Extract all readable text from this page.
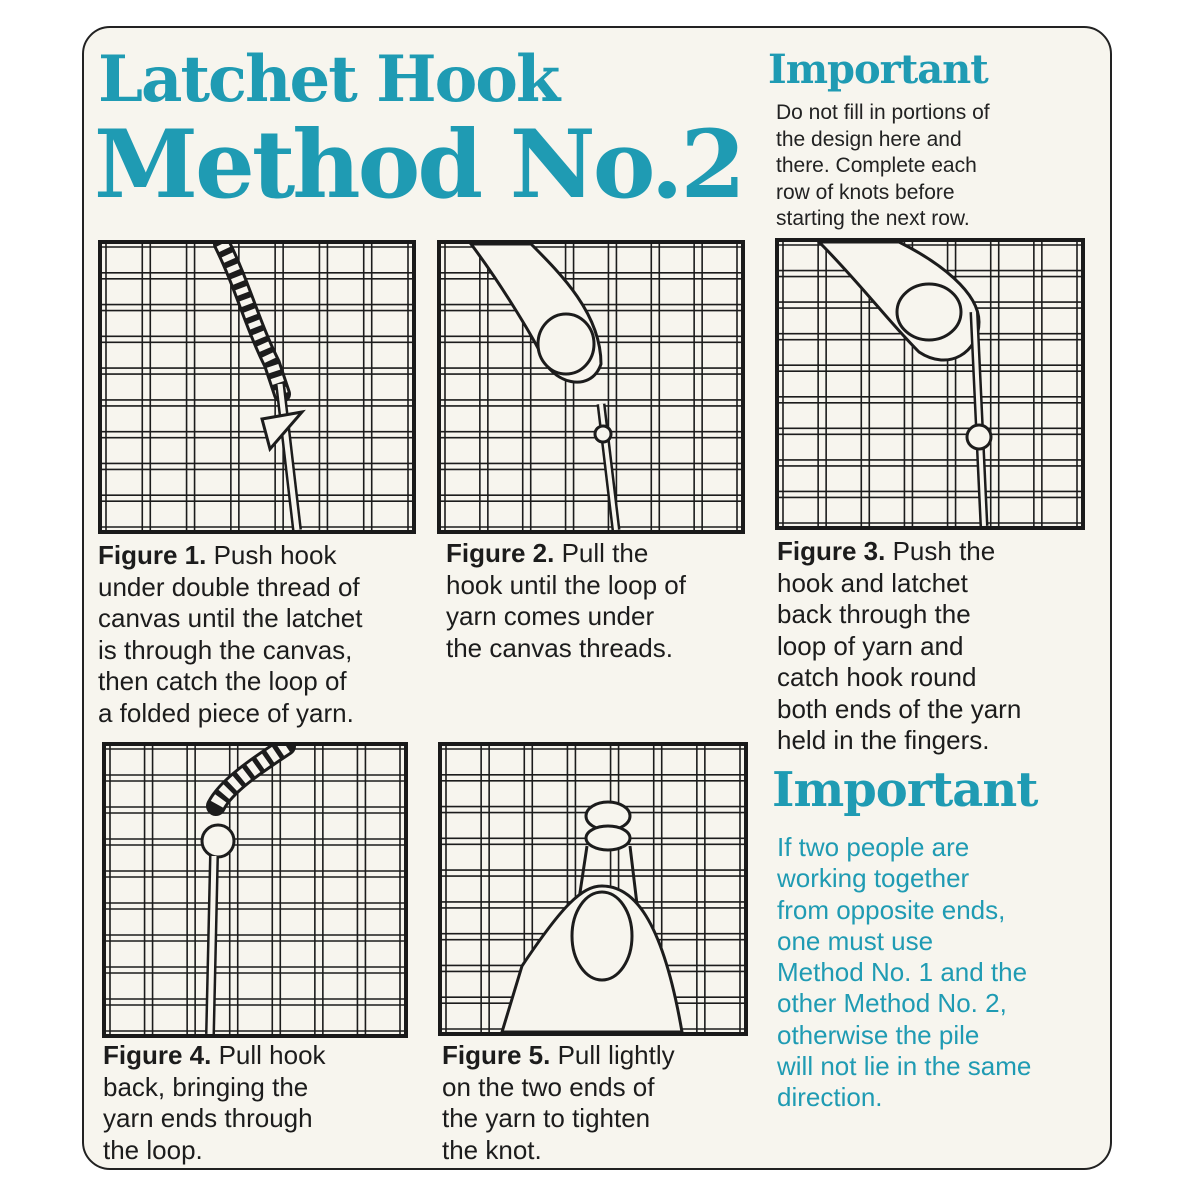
Latchet Hook
Method No.2
Important

Do not fill in portions of
the design here and
there. Complete each
row of knots before
starting the next row.

Figure 1. Push hook
under double thread of
canvas until the latchet
is through the canvas,
then catch the loop of
a folded piece of yarn.

Figure 2. Pull the
hook until the loop of
yarn comes under
the canvas threads.

Figure 3. Push the
hook and latchet
back through the
loop of yarn and
catch hook round
both ends of the yarn
held in the fingers.

Figure 4. Pull hook
back, bringing the
yarn ends through
the loop.

Figure 5. Pull lightly
on the two ends of
the yarn to tighten
the knot.

Important

If two people are
working together
from opposite ends,
one must use
Method No. 1 and the
other Method No. 2,
otherwise the pile
will not lie in the same
direction.
